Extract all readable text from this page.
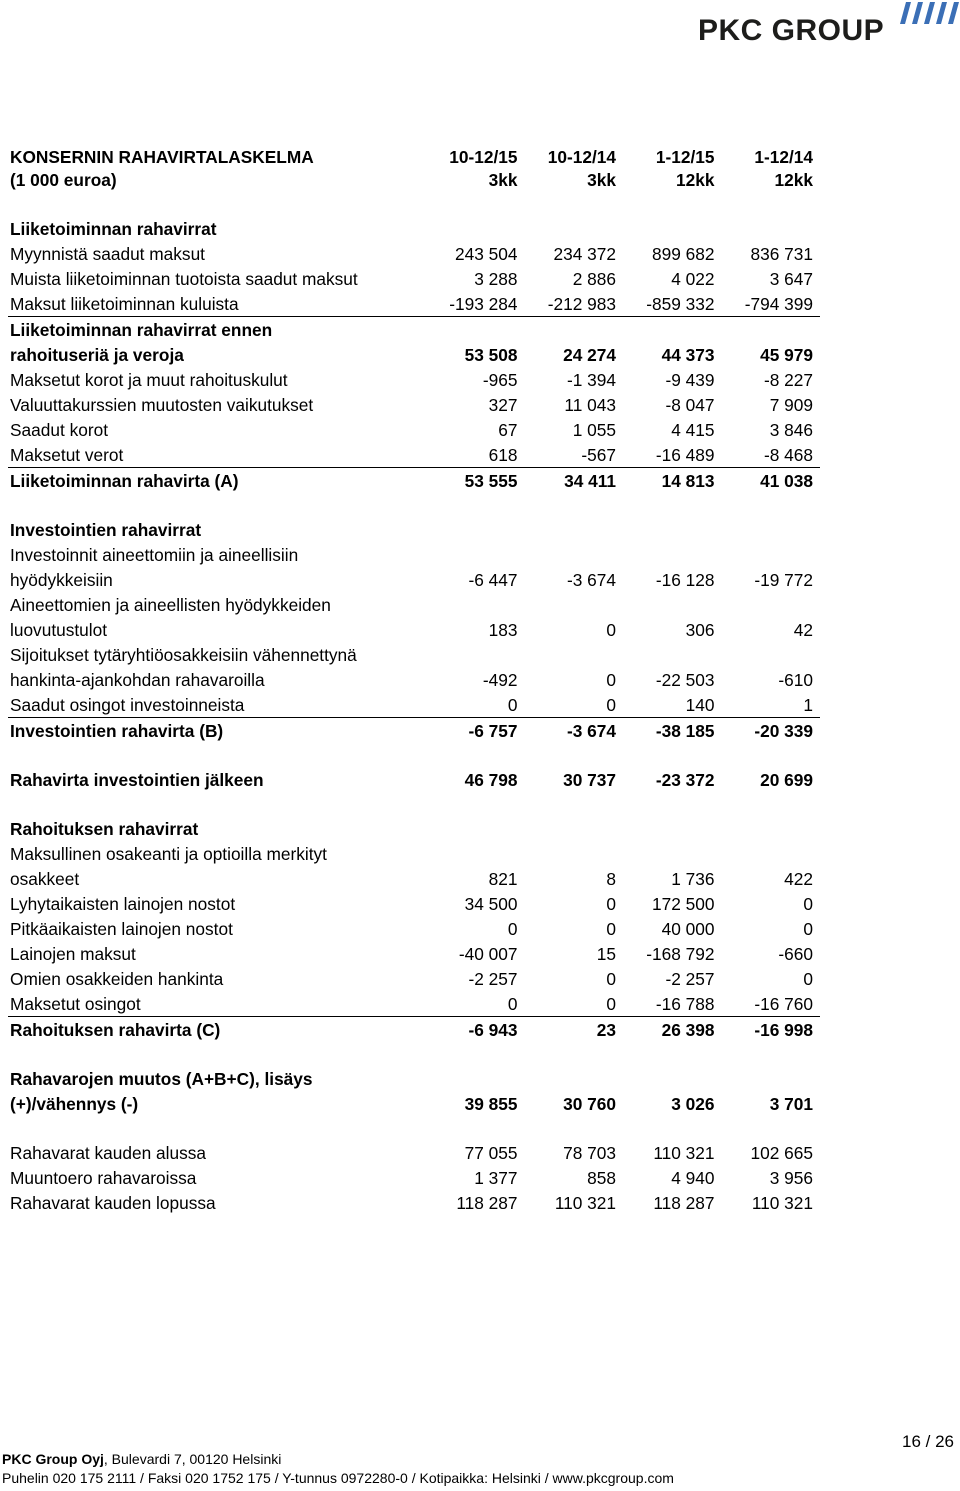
PKC GROUP
KONSERNIN RAHAVIRTALASKELMA	10-12/15	10-12/14	1-12/15	1-12/14
(1 000 euroa)	3kk	3kk	12kk	12kk

Liiketoiminnan rahavirrat				
Myynnistä saadut maksut	243 504	234 372	899 682	836 731
Muista liiketoiminnan tuotoista saadut maksut	3 288	2 886	4 022	3 647
Maksut liiketoiminnan kuluista	-193 284	-212 983	-859 332	-794 399
Liiketoiminnan rahavirrat ennen				
rahoituseriä ja veroja	53 508	24 274	44 373	45 979
Maksetut korot ja muut rahoituskulut	-965	-1 394	-9 439	-8 227
Valuuttakurssien muutosten vaikutukset	327	11 043	-8 047	7 909
Saadut korot	67	1 055	4 415	3 846
Maksetut verot	618	-567	-16 489	-8 468
Liiketoiminnan rahavirta (A)	53 555	34 411	14 813	41 038

Investointien rahavirrat				
Investoinnit aineettomiin ja aineellisiin				
hyödykkeisiin	-6 447	-3 674	-16 128	-19 772
Aineettomien ja aineellisten hyödykkeiden				
luovutustulot	183	0	306	42
Sijoitukset tytäryhtiöosakkeisiin vähennettynä				
hankinta-ajankohdan rahavaroilla	-492	0	-22 503	-610
Saadut osingot investoinneista	0	0	140	1
Investointien rahavirta (B)	-6 757	-3 674	-38 185	-20 339

Rahavirta investointien jälkeen	46 798	30 737	-23 372	20 699

Rahoituksen rahavirrat				
Maksullinen osakeanti ja optioilla merkityt				
osakkeet	821	8	1 736	422
Lyhytaikaisten lainojen nostot	34 500	0	172 500	0
Pitkäaikaisten lainojen nostot	0	0	40 000	0
Lainojen maksut	-40 007	15	-168 792	-660
Omien osakkeiden hankinta	-2 257	0	-2 257	0
Maksetut osingot	0	0	-16 788	-16 760
Rahoituksen rahavirta (C)	-6 943	23	26 398	-16 998

Rahavarojen muutos (A+B+C), lisäys				
(+)/vähennys (-)	39 855	30 760	3 026	3 701

Rahavarat kauden alussa	77 055	78 703	110 321	102 665
Muuntoero rahavaroissa	1 377	858	4 940	3 956
Rahavarat kauden lopussa	118 287	110 321	118 287	110 321
16 / 26
PKC Group Oyj, Bulevardi 7, 00120 Helsinki
Puhelin 020 175 2111 / Faksi 020 1752 175 / Y-tunnus 0972280-0 / Kotipaikka: Helsinki / www.pkcgroup.com
